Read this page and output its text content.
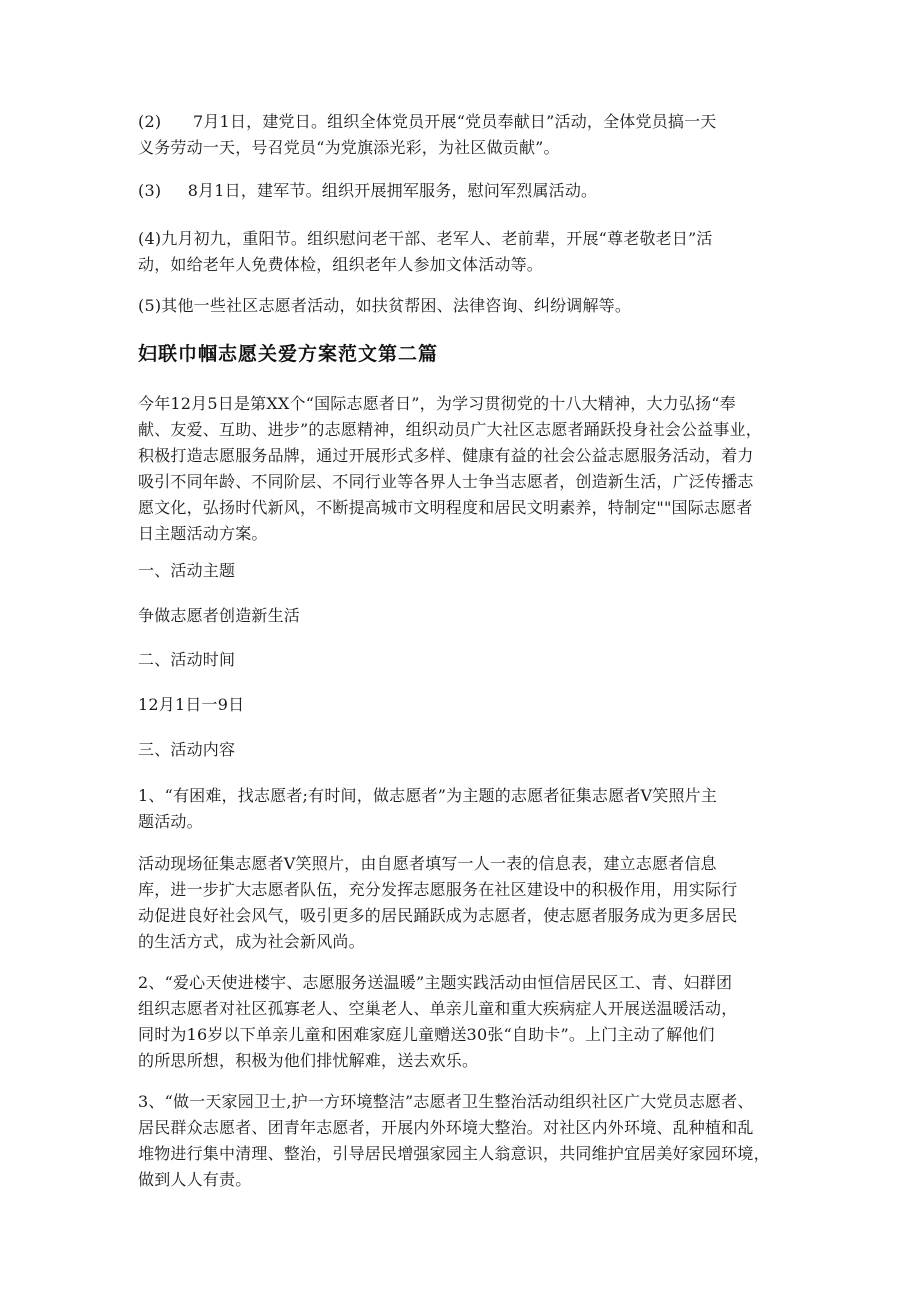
(2)      7月1日，建党日。组织全体党员开展“党员奉献日”活动，全体党员搞一天
义务劳动一天，号召党员“为党旗添光彩，为社区做贡献”。

(3)     8月1日，建军节。组织开展拥军服务，慰问军烈属活动。

(4)九月初九，重阳节。组织慰问老干部、老军人、老前辈，开展“尊老敬老日”活
动，如给老年人免费体检，组织老年人参加文体活动等。

(5)其他一些社区志愿者活动，如扶贫帮困、法律咨询、纠纷调解等。

妇联巾帼志愿关爱方案范文第二篇

今年12月5日是第XX个“国际志愿者日”，为学习贯彻党的十八大精神，大力弘扬“奉
献、友爱、互助、进步”的志愿精神，组织动员广大社区志愿者踊跃投身社会公益事业，
积极打造志愿服务品牌，通过开展形式多样、健康有益的社会公益志愿服务活动，着力
吸引不同年龄、不同阶层、不同行业等各界人士争当志愿者，创造新生活，广泛传播志
愿文化，弘扬时代新风，不断提高城市文明程度和居民文明素养，特制定""国际志愿者
日主题活动方案。

一、活动主题

争做志愿者创造新生活

二、活动时间

12月1日一9日

三、活动内容

1、“有困难，找志愿者;有时间，做志愿者”为主题的志愿者征集志愿者V笑照片主
题活动。

活动现场征集志愿者V笑照片，由自愿者填写一人一表的信息表，建立志愿者信息
库，进一步扩大志愿者队伍，充分发挥志愿服务在社区建设中的积极作用，用实际行
动促进良好社会风气，吸引更多的居民踊跃成为志愿者，使志愿者服务成为更多居民
的生活方式，成为社会新风尚。

2、“爱心天使进楼宇、志愿服务送温暖”主题实践活动由恒信居民区工、青、妇群团
组织志愿者对社区孤寡老人、空巢老人、单亲儿童和重大疾病症人开展送温暖活动，
同时为16岁以下单亲儿童和困难家庭儿童赠送30张“自助卡”。上门主动了解他们
的所思所想，积极为他们排忧解难，送去欢乐。

3、“做一天家园卫士,护一方环境整洁”志愿者卫生整治活动组织社区广大党员志愿者、
居民群众志愿者、团青年志愿者，开展内外环境大整治。对社区内外环境、乱种植和乱
堆物进行集中清理、整治，引导居民增强家园主人翁意识，共同维护宜居美好家园环境，
做到人人有责。
